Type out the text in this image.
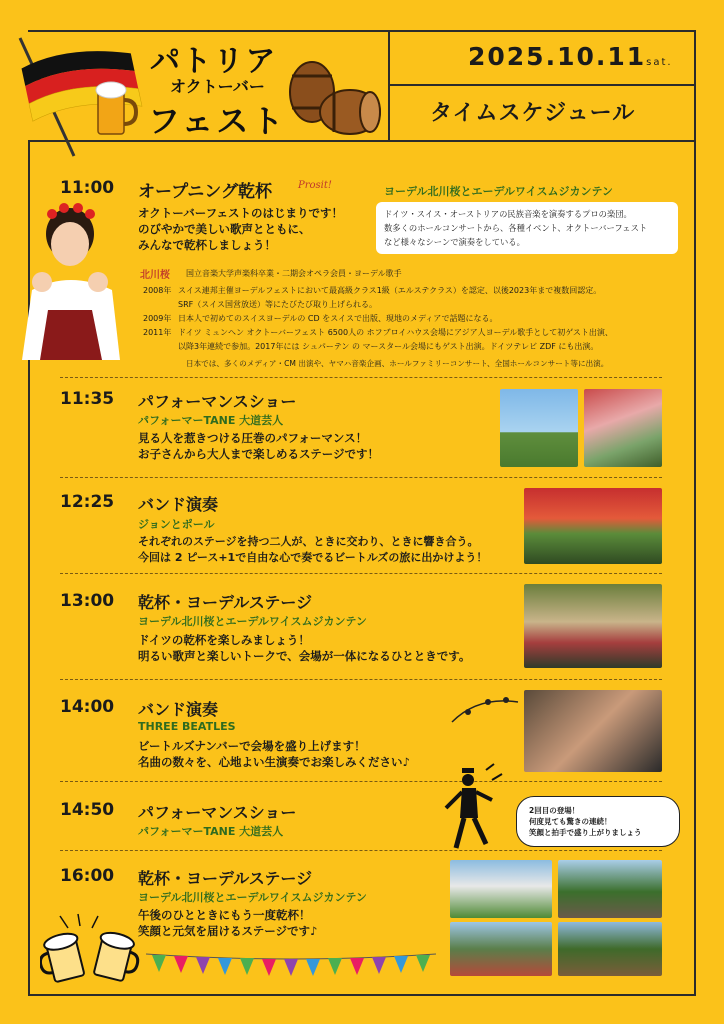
パトリア
オクトーバー
フェスト
2025.10.11sat.
タイムスケジュール
11:00 オープニング乾杯	Prosit!	ヨーデル北川桜とエーデルワイスムジカンテン
オクトーバーフェストのはじまりです！
のびやかで美しい歌声とともに、
みんなで乾杯しましょう！
ドイツ・スイス・オーストリアの民族音楽を演奏するプロの楽団。
数多くのホールコンサートから、各種イベント、オクトーバーフェスト
など様々なシーンで演奏をしている。
北川桜 国立音楽大学声楽科卒業・二期会オペラ会員・ヨーデル歌手
2008年 スイス連邦主催ヨーデルフェストにおいて最高級クラス1級（エルステクラス）を認定、以後2023年まで複数回認定。
SRF（スイス国営放送）等にたびたび取り上げられる。
2009年 日本人で初めてのスイスヨーデルの CD をスイスで出版、現地のメディアで話題になる。
2011年 ドイツ ミュンヘン オクトーバーフェスト 6500人の ホフブロイハウス会場にアジア人ヨーデル歌手として初ゲスト出演、
以降3年連続で参加。2017年には シュパーテン の マースタール会場にもゲスト出演。ドイツテレビ ZDF にも出演。
日本では、多くのメディア・CM 出演や、ヤマハ音楽企画、ホールファミリーコンサート、全国ホールコンサート等に出演。
11:35 パフォーマンスショー
パフォーマーTANE 大道芸人
見る人を惹きつける圧巻のパフォーマンス！
お子さんから大人まで楽しめるステージです！
12:25 バンド演奏
ジョンとポール
それぞれのステージを持つ二人が、ときに交わり、ときに響き合う。
今回は 2 ピース+1で自由な心で奏でるビートルズの旅に出かけよう！
13:00 乾杯・ヨーデルステージ
ヨーデル北川桜とエーデルワイスムジカンテン
ドイツの乾杯を楽しみましょう！
明るい歌声と楽しいトークで、会場が一体になるひとときです。
14:00 バンド演奏
THREE BEATLES
ビートルズナンバーで会場を盛り上げます！
名曲の数々を、心地よい生演奏でお楽しみください♪
14:50 パフォーマンスショー
パフォーマーTANE 大道芸人
2回目の登場！
何度見ても驚きの連続！
笑顔と拍手で盛り上がりましょう
16:00 乾杯・ヨーデルステージ
ヨーデル北川桜とエーデルワイスムジカンテン
午後のひとときにもう一度乾杯！
笑顔と元気を届けるステージです♪
